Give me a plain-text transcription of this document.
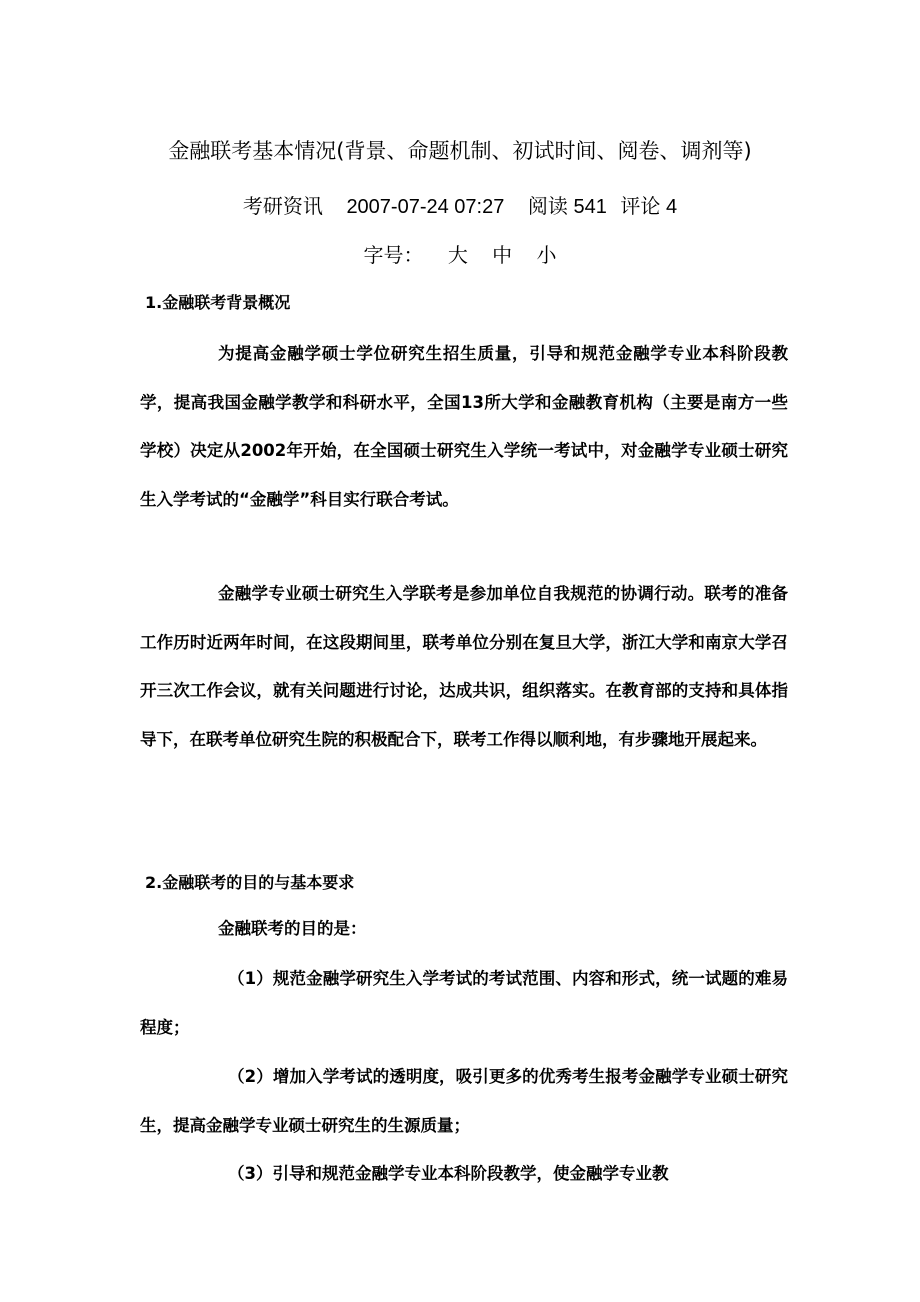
金融联考基本情况(背景、命题机制、初试时间、阅卷、调剂等)
考研资讯 2007-07-24 07:27 阅读 541 评论 4
字号： 大 中 小
1.金融联考背景概况
为提高金融学硕士学位研究生招生质量，引导和规范金融学专业本科阶段教学，提高我国金融学教学和科研水平，全国13所大学和金融教育机构（主要是南方一些学校）决定从2002年开始，在全国硕士研究生入学统一考试中，对金融学专业硕士研究生入学考试的“金融学”科目实行联合考试。
金融学专业硕士研究生入学联考是参加单位自我规范的协调行动。联考的准备工作历时近两年时间，在这段期间里，联考单位分别在复旦大学，浙江大学和南京大学召开三次工作会议，就有关问题进行讨论，达成共识，组织落实。在教育部的支持和具体指导下，在联考单位研究生院的积极配合下，联考工作得以顺利地，有步骤地开展起来。
2.金融联考的目的与基本要求
金融联考的目的是：
（1）规范金融学研究生入学考试的考试范围、内容和形式，统一试题的难易程度；
（2）增加入学考试的透明度，吸引更多的优秀考生报考金融学专业硕士研究生，提高金融学专业硕士研究生的生源质量；
（3）引导和规范金融学专业本科阶段教学，使金融学专业教
